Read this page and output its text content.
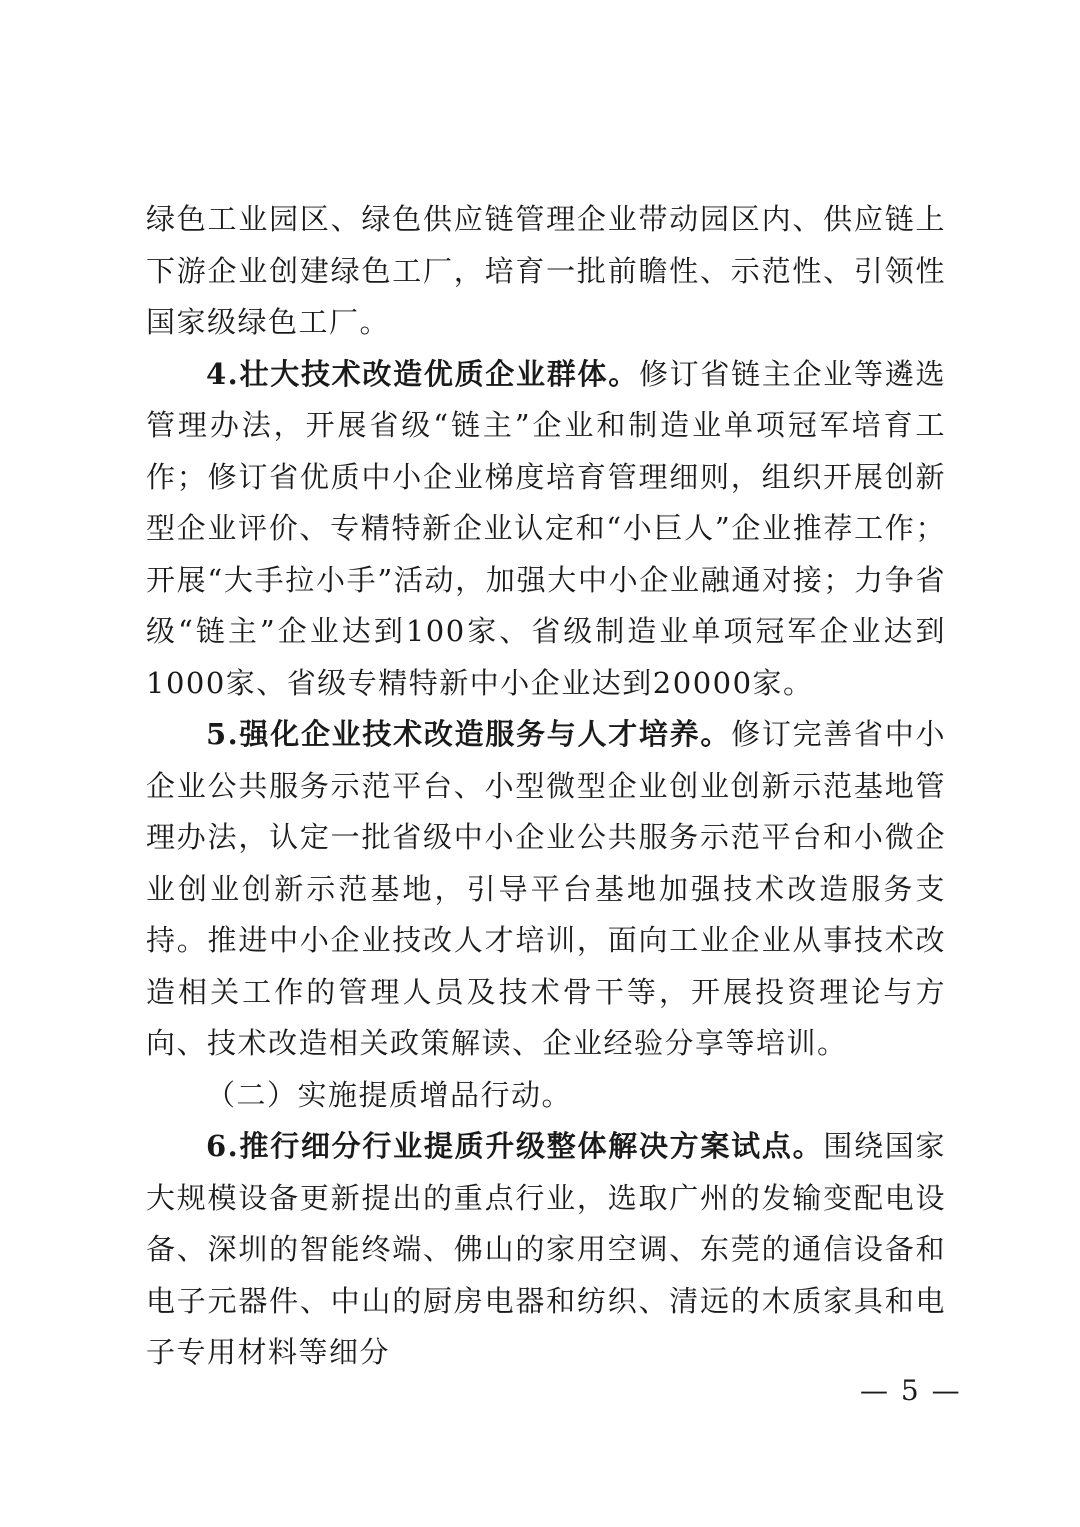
绿色工业园区、绿色供应链管理企业带动园区内、供应链上下游企业创建绿色工厂，培育一批前瞻性、示范性、引领性国家级绿色工厂。

4.壮大技术改造优质企业群体。修订省链主企业等遴选管理办法，开展省级“链主”企业和制造业单项冠军培育工作；修订省优质中小企业梯度培育管理细则，组织开展创新型企业评价、专精特新企业认定和“小巨人”企业推荐工作；开展“大手拉小手”活动，加强大中小企业融通对接；力争省级“链主”企业达到100家、省级制造业单项冠军企业达到1000家、省级专精特新中小企业达到20000家。

5.强化企业技术改造服务与人才培养。修订完善省中小企业公共服务示范平台、小型微型企业创业创新示范基地管理办法，认定一批省级中小企业公共服务示范平台和小微企业创业创新示范基地，引导平台基地加强技术改造服务支持。推进中小企业技改人才培训，面向工业企业从事技术改造相关工作的管理人员及技术骨干等，开展投资理论与方向、技术改造相关政策解读、企业经验分享等培训。

（二）实施提质增品行动。

6.推行细分行业提质升级整体解决方案试点。围绕国家大规模设备更新提出的重点行业，选取广州的发输变配电设备、深圳的智能终端、佛山的家用空调、东莞的通信设备和电子元器件、中山的厨房电器和纺织、清远的木质家具和电子专用材料等细分

— 5 —
